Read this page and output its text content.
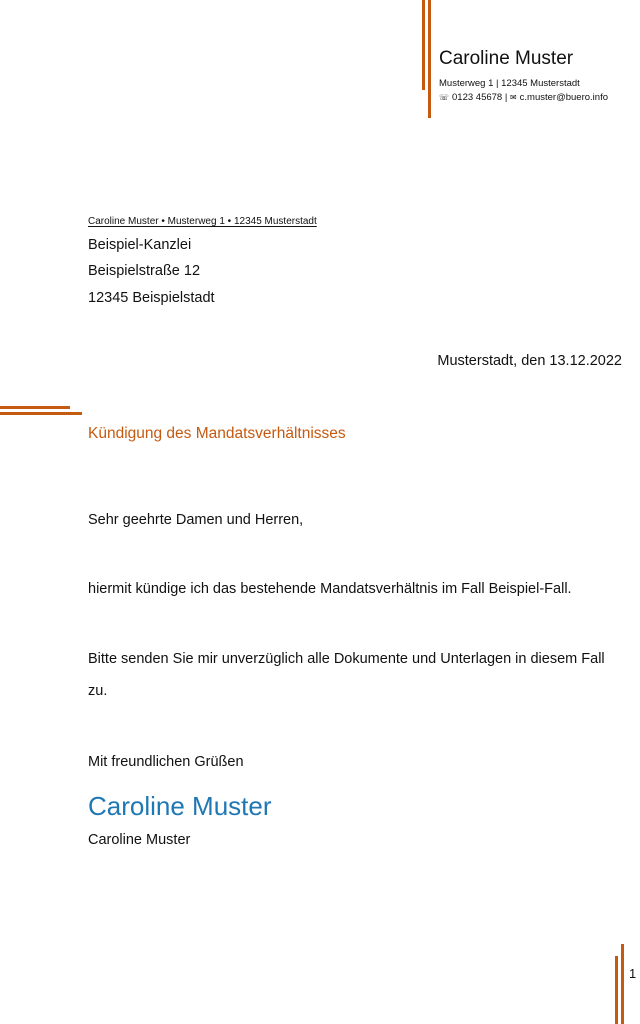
Caroline Muster
Musterweg 1 | 12345 Musterstadt
☏ 0123 45678 | ✉ c.muster@buero.info
Caroline Muster • Musterweg 1 • 12345 Musterstadt
Beispiel-Kanzlei
Beispielstraße 12
12345 Beispielstadt
Musterstadt, den 13.12.2022
Kündigung des Mandatsverhältnisses
Sehr geehrte Damen und Herren,
hiermit kündige ich das bestehende Mandatsverhältnis im Fall Beispiel-Fall.
Bitte senden Sie mir unverzüglich alle Dokumente und Unterlagen in diesem Fall
zu.
Mit freundlichen Grüßen
Caroline Muster
Caroline Muster
1
